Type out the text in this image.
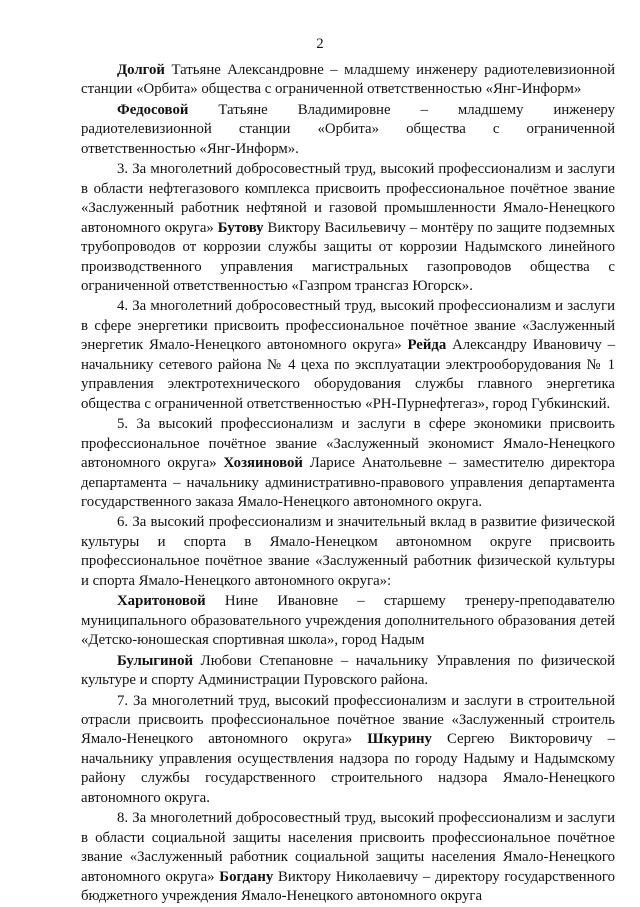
2

Долгой Татьяне Александровне – младшему инженеру радиотелевизионной станции «Орбита» общества с ограниченной ответственностью «Янг-Информ»

Федосовой Татьяне Владимировне – младшему инженеру радиотелевизионной станции «Орбита» общества с ограниченной ответственностью «Янг-Информ».

3. За многолетний добросовестный труд, высокий профессионализм и заслуги в области нефтегазового комплекса присвоить профессиональное почётное звание «Заслуженный работник нефтяной и газовой промышленности Ямало-Ненецкого автономного округа» Бутову Виктору Васильевичу – монтёру по защите подземных трубопроводов от коррозии службы защиты от коррозии Надымского линейного производственного управления магистральных газопроводов общества с ограниченной ответственностью «Газпром трансгаз Югорск».

4. За многолетний добросовестный труд, высокий профессионализм и заслуги в сфере энергетики присвоить профессиональное почётное звание «Заслуженный энергетик Ямало-Ненецкого автономного округа» Рейда Александру Ивановичу – начальнику сетевого района № 4 цеха по эксплуатации электрооборудования № 1 управления электротехнического оборудования службы главного энергетика общества с ограниченной ответственностью «РН-Пурнефтегаз», город Губкинский.

5. За высокий профессионализм и заслуги в сфере экономики присвоить профессиональное почётное звание «Заслуженный экономист Ямало-Ненецкого автономного округа» Хозяиновой Ларисе Анатольевне – заместителю директора департамента – начальнику административно-правового управления департамента государственного заказа Ямало-Ненецкого автономного округа.

6. За высокий профессионализм и значительный вклад в развитие физической культуры и спорта в Ямало-Ненецком автономном округе присвоить профессиональное почётное звание «Заслуженный работник физической культуры и спорта Ямало-Ненецкого автономного округа»:

Харитоновой Нине Ивановне – старшему тренеру-преподавателю муниципального образовательного учреждения дополнительного образования детей «Детско-юношеская спортивная школа», город Надым

Булыгиной Любови Степановне – начальнику Управления по физической культуре и спорту Администрации Пуровского района.

7. За многолетний труд, высокий профессионализм и заслуги в строительной отрасли присвоить профессиональное почётное звание «Заслуженный строитель Ямало-Ненецкого автономного округа» Шкурину Сергею Викторовичу – начальнику управления осуществления надзора по городу Надыму и Надымскому району службы государственного строительного надзора Ямало-Ненецкого автономного округа.

8. За многолетний добросовестный труд, высокий профессионализм и заслуги в области социальной защиты населения присвоить профессиональное почётное звание «Заслуженный работник социальной защиты населения Ямало-Ненецкого автономного округа» Богдану Виктору Николаевичу – директору государственного бюджетного учреждения Ямало-Ненецкого автономного округа
